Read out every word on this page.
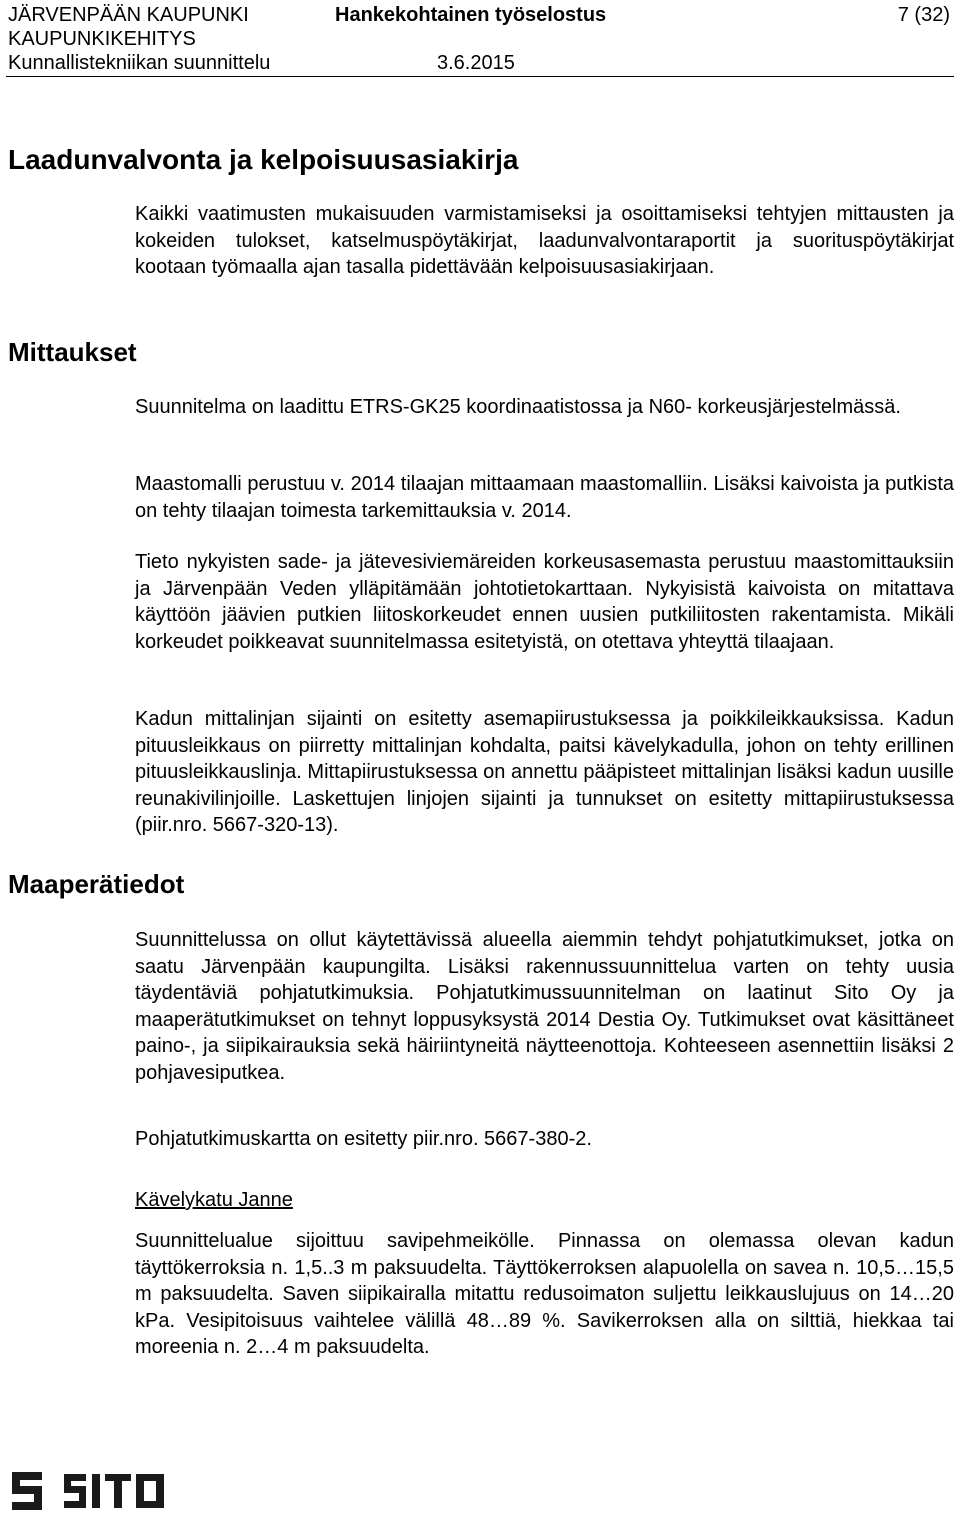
JÄRVENPÄÄN KAUPUNKI
KAUPUNKIKEHITYS
Kunnallistekniikan suunnittelu
Hankekohtainen työselostus
3.6.2015
7 (32)
Laadunvalvonta ja kelpoisuusasiakirja

Kaikki vaatimusten mukaisuuden varmistamiseksi ja osoittamiseksi tehtyjen mittausten ja kokeiden tulokset, katselmuspöytäkirjat, laadunvalvontaraportit ja suorituspöytäkirjat kootaan työmaalla ajan tasalla pidettävään kelpoisuusasiakirjaan.

Mittaukset

Suunnitelma on laadittu ETRS-GK25 koordinaatistossa ja N60- korkeusjärjestelmässä.

Maastomalli perustuu v. 2014 tilaajan mittaamaan maastomalliin. Lisäksi kaivoista ja putkista on tehty tilaajan toimesta tarkemittauksia v. 2014.

Tieto nykyisten sade- ja jätevesiviemäreiden korkeusasemasta perustuu maastomittauksiin ja Järvenpään Veden ylläpitämään johtotietokarttaan. Nykyisistä kaivoista on mitattava käyttöön jäävien putkien liitoskorkeudet ennen uusien putkiliitosten rakentamista. Mikäli korkeudet poikkeavat suunnitelmassa esitetyistä, on otettava yhteyttä tilaajaan.

Kadun mittalinjan sijainti on esitetty asemapiirustuksessa ja poikkileikkauksissa. Kadun pituusleikkaus on piirretty mittalinjan kohdalta, paitsi kävelykadulla, johon on tehty erillinen pituusleikkauslinja. Mittapiirustuksessa on annettu pääpisteet mittalinjan lisäksi kadun uusille reunakivilinjoille. Laskettujen linjojen sijainti ja tunnukset on esitetty mittapiirustuksessa (piir.nro. 5667-320-13).

Maaperätiedot

Suunnittelussa on ollut käytettävissä alueella aiemmin tehdyt pohjatutkimukset, jotka on saatu Järvenpään kaupungilta. Lisäksi rakennussuunnittelua varten on tehty uusia täydentäviä pohjatutkimuksia. Pohjatutkimussuunnitelman on laatinut Sito Oy ja maaperätutkimukset on tehnyt loppusyksystä 2014 Destia Oy. Tutkimukset ovat käsittäneet paino-, ja siipikairauksia sekä häiriintyneitä näytteenottoja. Kohteeseen asennettiin lisäksi 2 pohjavesiputkea.

Pohjatutkimuskartta on esitetty piir.nro. 5667-380-2.

Kävelykatu Janne

Suunnittelualue sijoittuu savipehmeikölle. Pinnassa on olemassa olevan kadun täyttökerroksia n. 1,5..3 m paksuudelta. Täyttökerroksen alapuolella on savea n. 10,5…15,5 m paksuudelta. Saven siipikairalla mitattu redusoimaton suljettu leikkauslujuus on 14…20 kPa. Vesipitoisuus vaihtelee välillä 48…89 %. Savikerroksen alla on silttiä, hiekkaa tai moreenia n. 2…4 m paksuudelta.
